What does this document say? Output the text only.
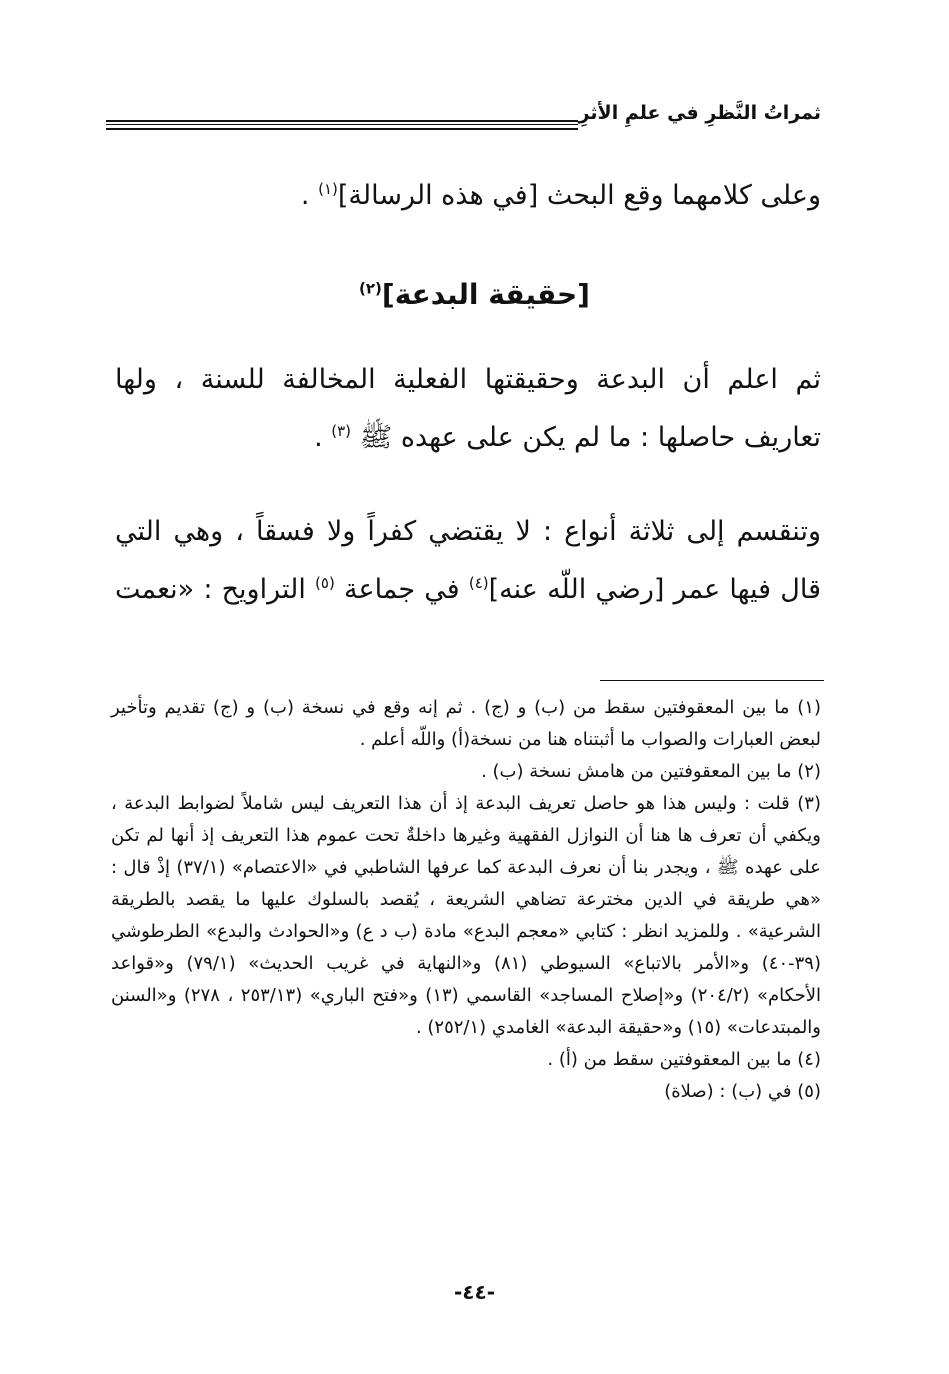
ثمراتُ النَّظرِ في علمِ الأثرِ
وعلى كلامهما وقع البحث [في هذه الرسالة]$^{(١)}$ .
[حقيقة البدعة]$^{(٢)}$
ثم اعلم أن البدعة وحقيقتها الفعلية المخالفة للسنة ، ولها
تعاريف حاصلها : ما لم يكن على عهده ﷺ $^{(٣)}$ .
وتنقسم إلى ثلاثة أنواع : لا يقتضي كفراً ولا فسقاً ، وهي التي
قال فيها عمر [رضي اللّه عنه]$^{(٤)}$ في جماعة $^{(٥)}$ التراويح : «نعمت

(١) ما بين المعقوفتين سقط من (ب) و (ج) . ثم إنه وقع في نسخة (ب) و (ج) تقديم وتأخير لبعض العبارات والصواب ما أثبتناه هنا من نسخة(أ) واللّه أعلم .

(٢) ما بين المعقوفتين من هامش نسخة (ب) .

(٣) قلت : وليس هذا هو حاصل تعريف البدعة إذ أن هذا التعريف ليس شاملاً لضوابط البدعة ، ويكفي أن تعرف ها هنا أن النوازل الفقهية وغيرها داخلةٌ تحت عموم هذا التعريف إذ أنها لم تكن على عهده ﷺ ، ويجدر بنا أن نعرف البدعة كما عرفها الشاطبي في «الاعتصام» (٣٧/١) إذْ قال : «هي طريقة في الدين مخترعة تضاهي الشريعة ، يُقصد بالسلوك عليها ما يقصد بالطريقة الشرعية» . وللمزيد انظر : كتابي «معجم البدع» مادة (ب د ع) و«الحوادث والبدع» الطرطوشي (٣٩-٤٠) و«الأمر بالاتباع» السيوطي (٨١) و«النهاية في غريب الحديث» (٧٩/١) و«قواعد الأحكام» (٢٠٤/٢) و«إصلاح المساجد» القاسمي (١٣) و«فتح الباري» (٢٥٣/١٣ ، ٢٧٨) و«السنن والمبتدعات» (١٥) و«حقيقة البدعة» الغامدي (٢٥٢/١) .

(٤) ما بين المعقوفتين سقط من (أ) .

(٥) في (ب) : (صلاة)

-٤٤-
